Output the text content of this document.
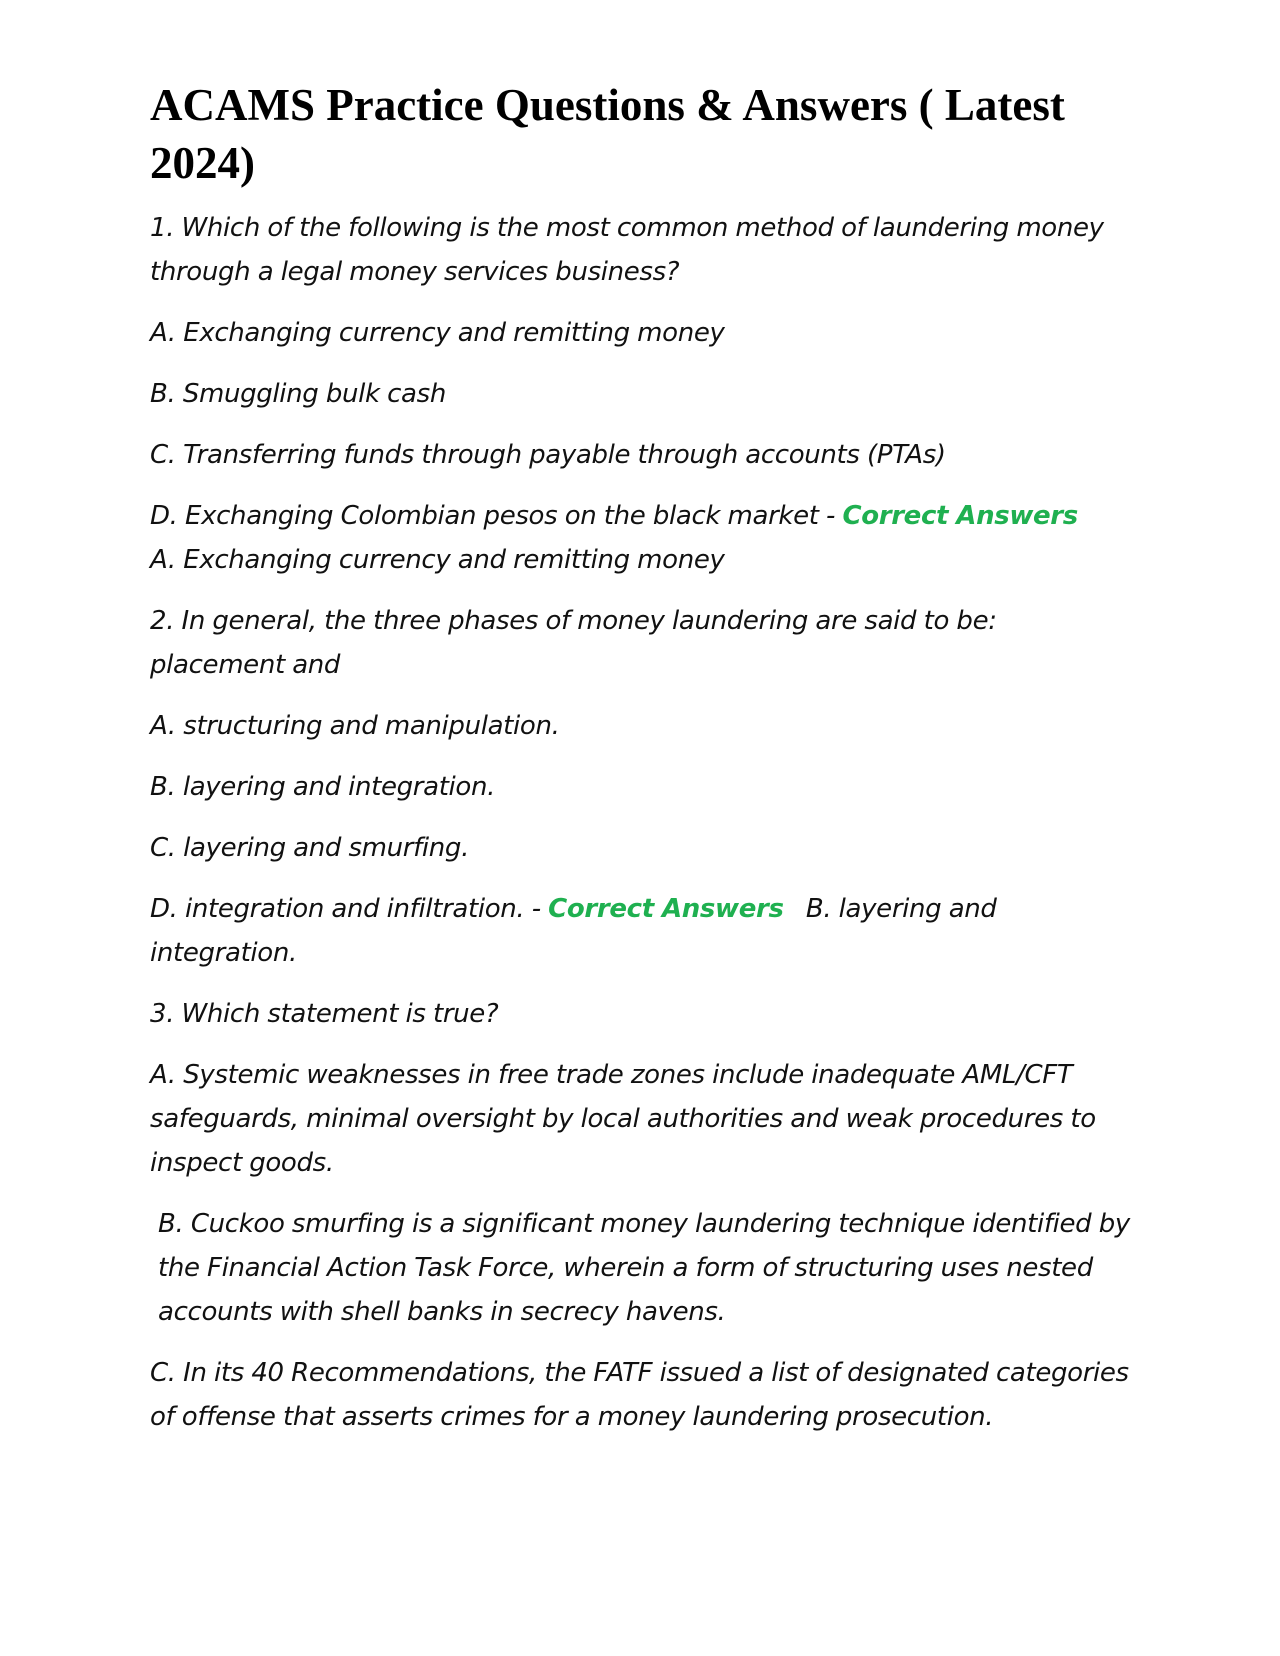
ACAMS Practice Questions & Answers ( Latest 2024)

1. Which of the following is the most common method of laundering money through a legal money services business?

A. Exchanging currency and remitting money

B. Smuggling bulk cash

C. Transferring funds through payable through accounts (PTAs)

D. Exchanging Colombian pesos on the black market - Correct Answers
A. Exchanging currency and remitting money

2. In general, the three phases of money laundering are said to be: placement and

A. structuring and manipulation.

B. layering and integration.

C. layering and smurfing.

D. integration and infiltration. - Correct Answers B. layering and integration.

3. Which statement is true?

A. Systemic weaknesses in free trade zones include inadequate AML/CFT safeguards, minimal oversight by local authorities and weak procedures to inspect goods.

B. Cuckoo smurfing is a significant money laundering technique identified by the Financial Action Task Force, wherein a form of structuring uses nested accounts with shell banks in secrecy havens.

C. In its 40 Recommendations, the FATF issued a list of designated categories of offense that asserts crimes for a money laundering prosecution.
